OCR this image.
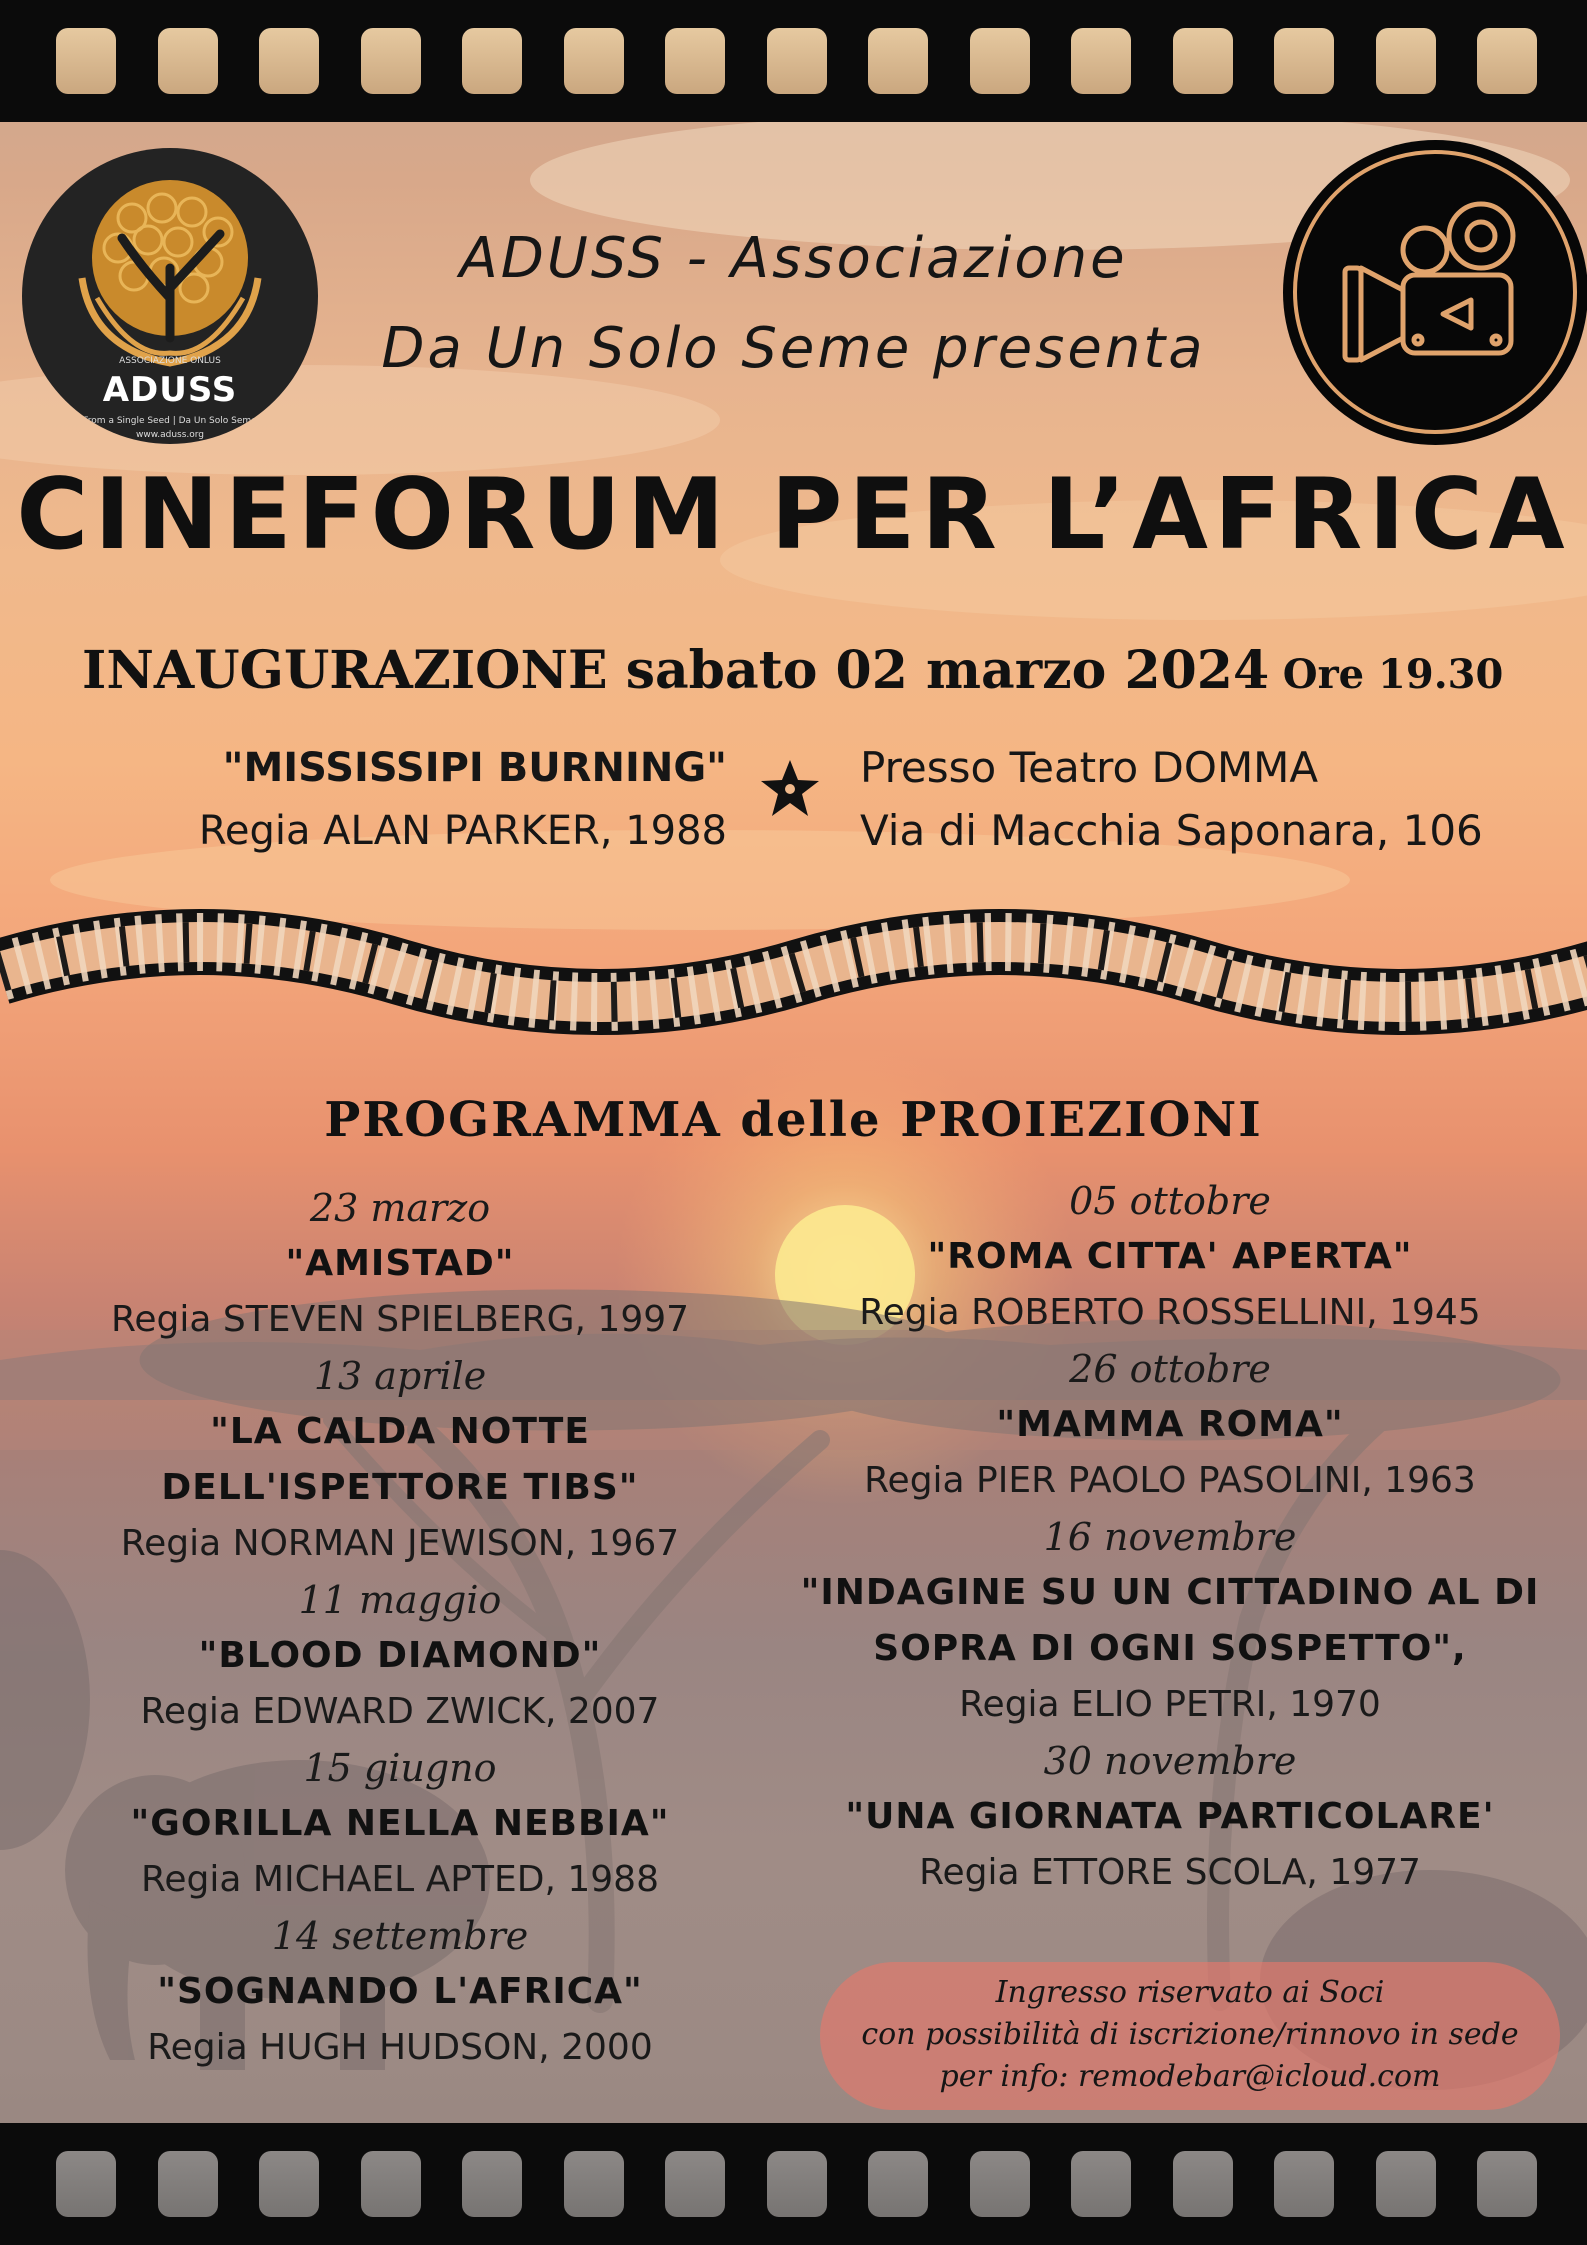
ASSOCIAZIONE ONLUS
ADUSS
From a Single Seed | Da Un Solo Seme
www.aduss.org
ADUSS - Associazione
Da Un Solo Seme presenta
CINEFORUM PER L’AFRICA
INAUGURAZIONE sabato 02 marzo 2024 Ore 19.30
"MISSISSIPI BURNING"
Regia ALAN PARKER, 1988
Presso Teatro DOMMA
Via di Macchia Saponara, 106
PROGRAMMA delle PROIEZIONI
23 marzo
"AMISTAD"
Regia STEVEN SPIELBERG, 1997
13 aprile
"LA CALDA NOTTE
DELL'ISPETTORE TIBS"
Regia NORMAN JEWISON, 1967
11 maggio
"BLOOD DIAMOND"
Regia EDWARD ZWICK, 2007
15 giugno
"GORILLA NELLA NEBBIA"
Regia MICHAEL APTED, 1988
14 settembre
"SOGNANDO L'AFRICA"
Regia HUGH HUDSON, 2000
05 ottobre
"ROMA CITTA' APERTA"
Regia ROBERTO ROSSELLINI, 1945
26 ottobre
"MAMMA ROMA"
Regia PIER PAOLO PASOLINI, 1963
16 novembre
"INDAGINE SU UN CITTADINO AL DI
SOPRA DI OGNI SOSPETTO",
Regia ELIO PETRI, 1970
30 novembre
"UNA GIORNATA PARTICOLARE'
Regia ETTORE SCOLA, 1977
Ingresso riservato ai Soci
con possibilità di iscrizione/rinnovo in sede
per info: remodebar@icloud.com
